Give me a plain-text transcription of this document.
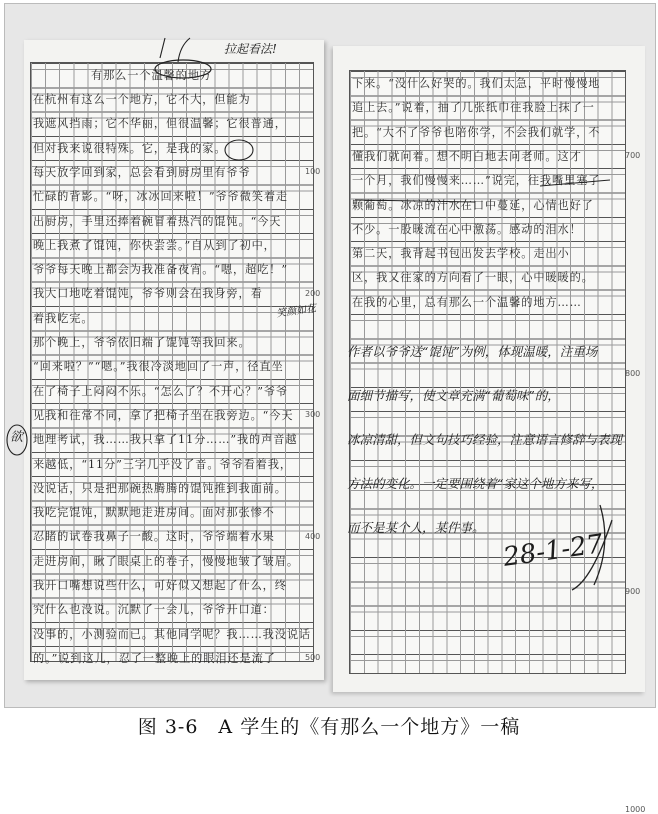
拉起看法!
有那么一个温馨的地方
在杭州有这么一个地方，它不大，但能为
我遮风挡雨；它不华丽，但很温馨；它很普通，
但对我来说很特殊。它，是我的家。
每天放学回到家，总会看到厨房里有爷爷
忙碌的背影。“呀，冰冰回来啦！”爷爷微笑着走
出厨房，手里还捧着碗冒着热汽的馄饨。“今天
晚上我煮了馄饨，你快尝尝。”自从到了初中，
爷爷每天晚上都会为我准备夜宵。“嗯，超吃！”
我大口地吃着馄饨，爷爷则会在我身旁，看
着我吃完。
那个晚上，爷爷依旧端了馄饨等我回来。
“回来啦？”“嗯。”我很冷淡地回了一声，径直坐
在了椅子上闷闷不乐。“怎么了？不开心？”爷爷
见我和往常不同，拿了把椅子坐在我旁边。“今天
地理考试，我……我只拿了11分……”我的声音越
来越低，“11分”三字几乎没了音。爷爷看着我，
没说话，只是把那碗热腾腾的馄饨推到我面前。
我吃完馄饨，默默地走进房间。面对那张惨不
忍睹的试卷我鼻子一酸。这时，爷爷端着水果
走进房间，瞅了眼桌上的卷子，慢慢地皱了皱眉。
我开口嘴想说些什么，可好似又想起了什么，终
究什么也没说。沉默了一会儿，爷爷开口道：
没事的，小测验而已。其他同学呢？我……我没说话
的。”说到这儿，忍了一整晚上的眼泪还是流了
欲
笑颜如花
100
200
300
400
500
下来。“没什么好哭的。我们太急，平时慢慢地
追上去。”说着，抽了几张纸巾往我脸上抹了一
把。“大不了爷爷也陪你学，不会我们就学，不
懂我们就问着。想不明白地去问老师。这才
一个月，我们慢慢来……”说完，往我嘴里塞了
颗葡萄。冰凉的汁水在口中蔓延，心情也好了
不少。一股暖流在心中激荡。感动的泪水！
第二天，我背起书包出发去学校。走出小
区，我又往家的方向看了一眼，心中暖暖的。
在我的心里，总有那么一个温馨的地方……
作者以爷爷送“馄饨”为例，体现温暖，注重场
面细节描写，使文章充满“葡萄味”的，
冰凉清甜，但文句技巧经验，注意语言修辞与表现
方法的变化。一定要围绕着“家这个地方来写，
而不是某个人，某件事。
28-1-27
700
800
900
1000
图 3-6　A 学生的《有那么一个地方》一稿
